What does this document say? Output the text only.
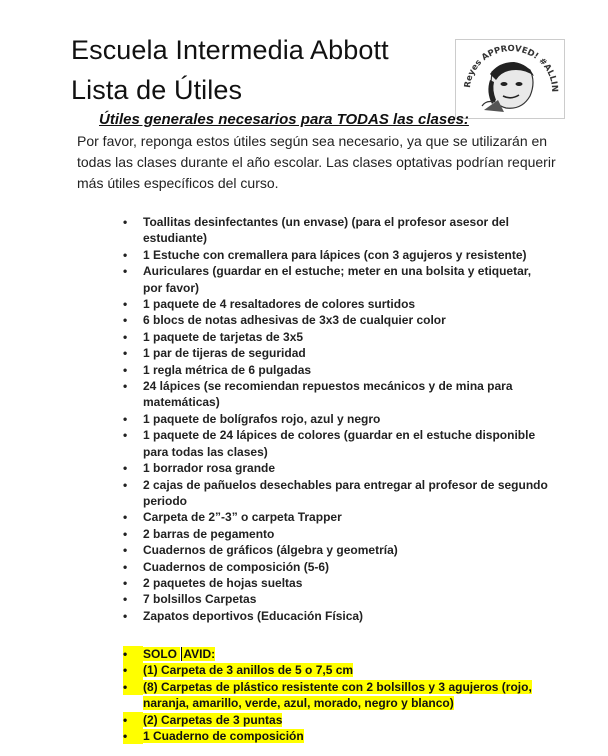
Escuela Intermedia Abbott
Lista de Útiles	Reyes APPROVED! #ALLIN
Útiles generales necesarios para TODAS las clases:
Por favor, reponga estos útiles según sea necesario, ya que se utilizarán en todas las clases durante el año escolar. Las clases optativas podrían requerir más útiles específicos del curso.
• Toallitas desinfectantes (un envase) (para el profesor asesor del estudiante)
• 1 Estuche con cremallera para lápices (con 3 agujeros y resistente)
• Auriculares (guardar en el estuche; meter en una bolsita y etiquetar, por favor)
• 1 paquete de 4 resaltadores de colores surtidos
• 6 blocs de notas adhesivas de 3x3 de cualquier color
• 1 paquete de tarjetas de 3x5
• 1 par de tijeras de seguridad
• 1 regla métrica de 6 pulgadas
• 24 lápices (se recomiendan repuestos mecánicos y de mina para matemáticas)
• 1 paquete de bolígrafos rojo, azul y negro
• 1 paquete de 24 lápices de colores (guardar en el estuche disponible para todas las clases)
• 1 borrador rosa grande
• 2 cajas de pañuelos desechables para entregar al profesor de segundo periodo
• Carpeta de 2”-3” o carpeta Trapper
• 2 barras de pegamento
• Cuadernos de gráficos (álgebra y geometría)
• Cuadernos de composición (5-6)
• 2 paquetes de hojas sueltas
• 7 bolsillos Carpetas
• Zapatos deportivos (Educación Física)
• SOLO AVID:
• (1) Carpeta de 3 anillos de 5 o 7,5 cm
• (8) Carpetas de plástico resistente con 2 bolsillos y 3 agujeros (rojo, naranja, amarillo, verde, azul, morado, negro y blanco)
• (2) Carpetas de 3 puntas
• 1 Cuaderno de composición
